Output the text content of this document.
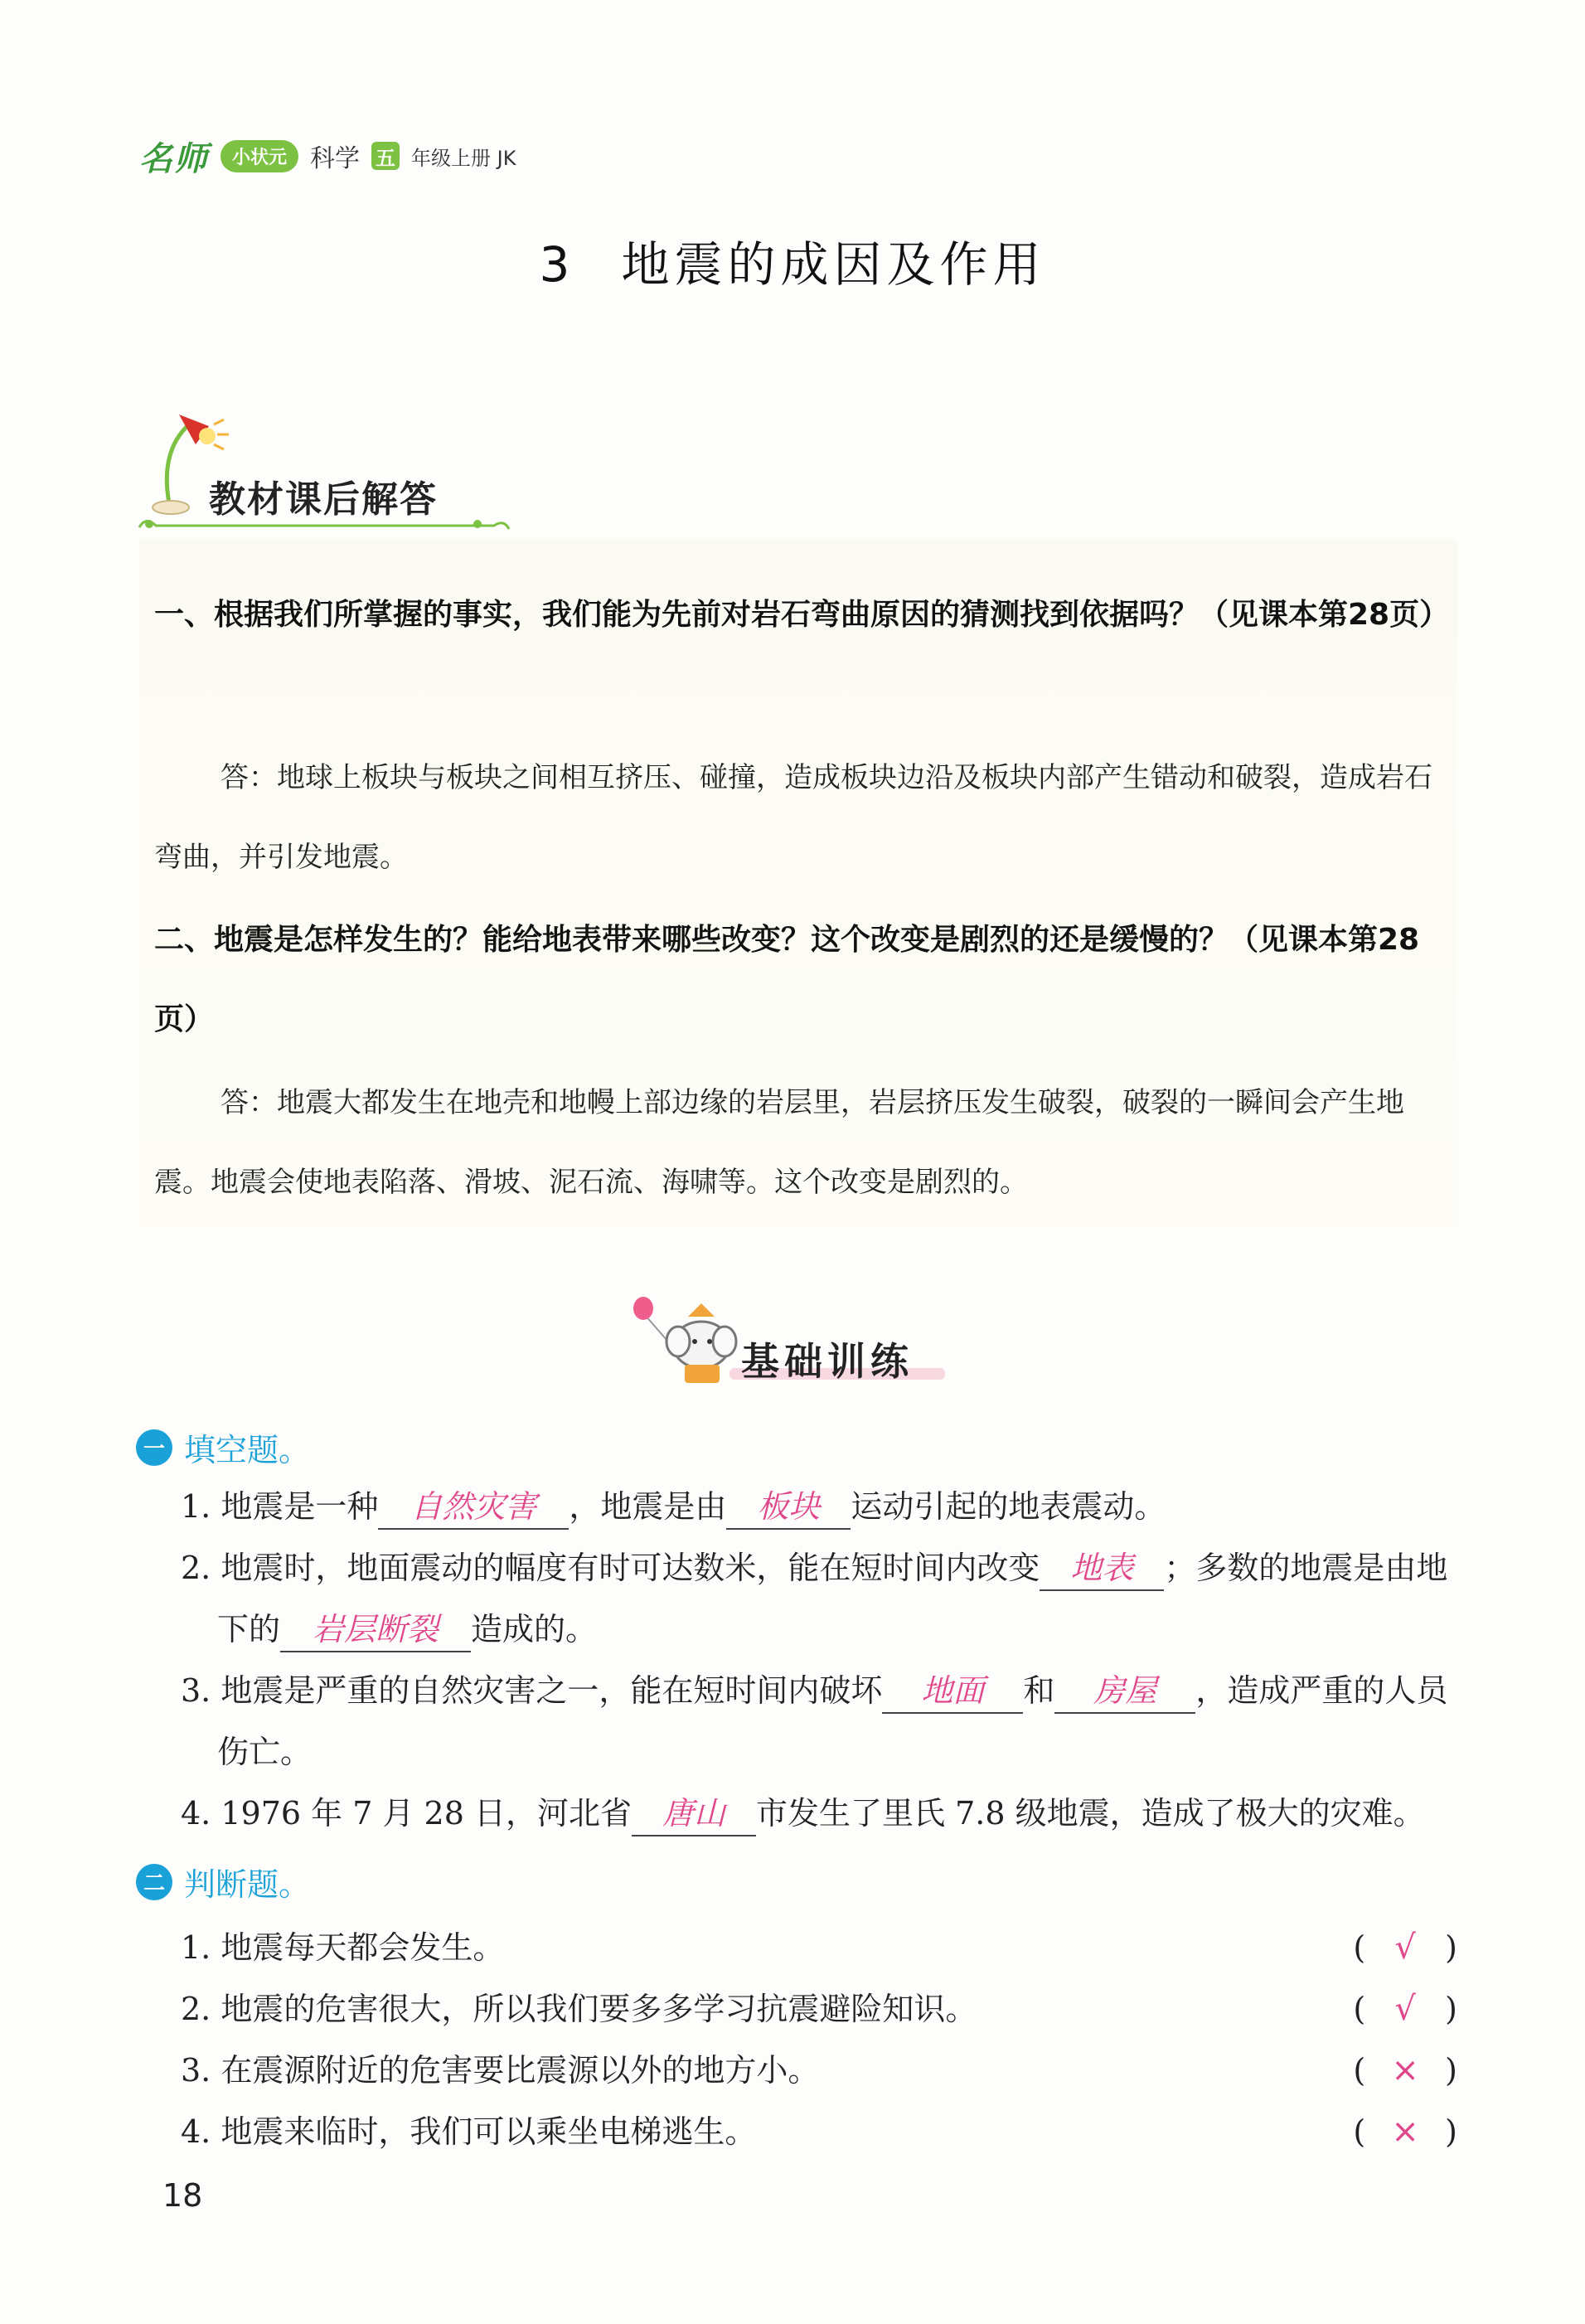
名师	小状元 科学 五 年级上册 JK
3 地震的成因及作用
教材课后解答
一、根据我们所掌握的事实，我们能为先前对岩石弯曲原因的猜测找到依据吗？（见课本第28页）
答：地球上板块与板块之间相互挤压、碰撞，造成板块边沿及板块内部产生错动和破裂，造成岩石弯曲，并引发地震。
二、地震是怎样发生的？能给地表带来哪些改变？这个改变是剧烈的还是缓慢的？（见课本第28页）
答：地震大都发生在地壳和地幔上部边缘的岩层里，岩层挤压发生破裂，破裂的一瞬间会产生地震。地震会使地表陷落、滑坡、泥石流、海啸等。这个改变是剧烈的。
基础训练
一 填空题。
1. 地震是一种 自然灾害 ，地震是由 板块 运动引起的地表震动。
2. 地震时，地面震动的幅度有时可达数米，能在短时间内改变 地表 ；多数的地震是由地
下的 岩层断裂 造成的。
3. 地震是严重的自然灾害之一，能在短时间内破坏 地面 和 房屋 ，造成严重的人员
伤亡。
4. 1976 年 7 月 28 日，河北省 唐山 市发生了里氏 7.8 级地震，造成了极大的灾难。
二 判断题。
1. 地震每天都会发生。	( √ )
2. 地震的危害很大，所以我们要多多学习抗震避险知识。	( √ )
3. 在震源附近的危害要比震源以外的地方小。	( × )
4. 地震来临时，我们可以乘坐电梯逃生。	( × )
18
